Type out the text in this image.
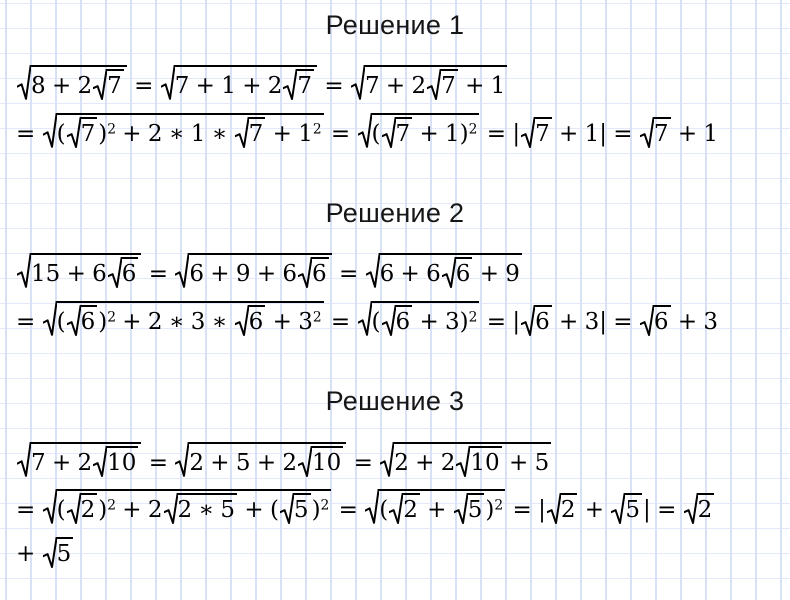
Решение 1
8 + 2 7 =
7 + 1 + 2 7 =
7 + 2 7 + 1
=
( 7 )$^2$ + 2 ∗ 1 ∗
$7 + 1^2$ =
( 7 + 1)$^2$ = | 7 + 1| =
7 + 1
Решение 2
15 + 6 6 =
6 + 9 + 6 6 =
6 + 6 6 + 9
=
( 6 )$^2$ + 2 ∗ 3 ∗
$6 + 3^2$ =
( 6 + 3)$^2$ = | 6 + 3| =
6 + 3
Решение 3
7 + 2 10 =
2 + 5 + 2 10 =
2 + 2 10 + 5
=
( 2 )$^2$ + 2 2 ∗ 5 + ( 5 )$^2$ =
( 2 +
5 )$^2$ = | 2 +
5 | =
2
+
5
